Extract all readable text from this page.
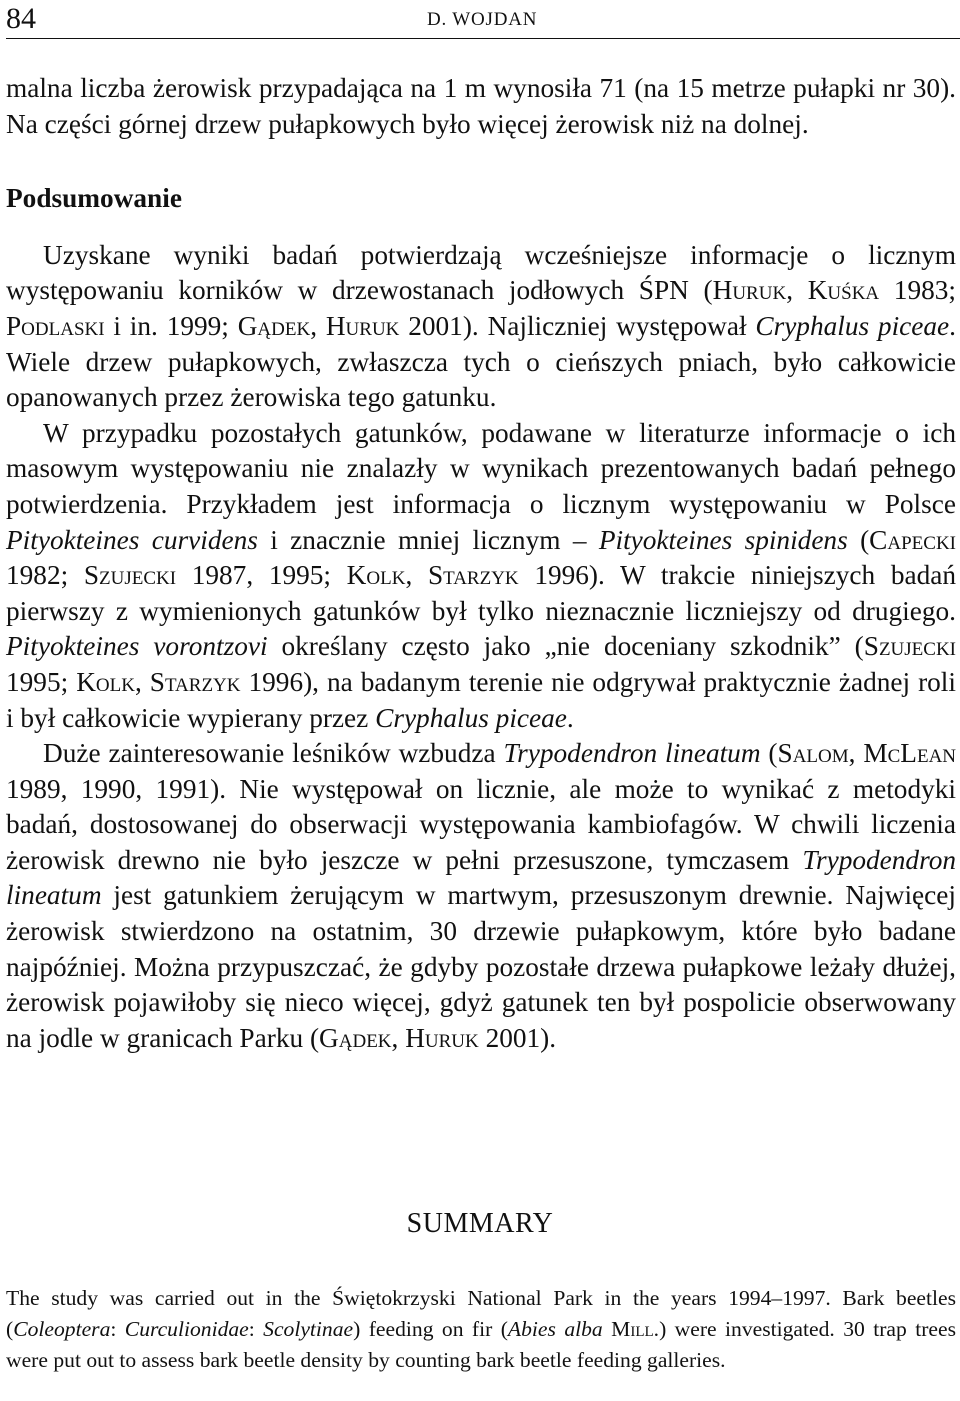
84	D. WOJDAN

malna liczba żerowisk przypadająca na 1 m wynosiła 71 (na 15 metrze pułapki nr 30). Na części górnej drzew pułapkowych było więcej żerowisk niż na dolnej.

Podsumowanie

Uzyskane wyniki badań potwierdzają wcześniejsze informacje o licznym występowaniu korników w drzewostanach jodłowych ŚPN (Huruk, Kuśka 1983; Podlaski i in. 1999; Gądek, Huruk 2001). Najliczniej występował Cryphalus piceae. Wiele drzew pułapkowych, zwłaszcza tych o cieńszych pniach, było całkowicie opanowanych przez żerowiska tego gatunku.

W przypadku pozostałych gatunków, podawane w literaturze informacje o ich masowym występowaniu nie znalazły w wynikach prezentowanych badań pełnego potwierdzenia. Przykładem jest informacja o licznym występowaniu w Polsce Pityokteines curvidens i znacznie mniej licznym – Pityokteines spinidens (Capecki 1982; Szujecki 1987, 1995; Kolk, Starzyk 1996). W trakcie niniejszych badań pierwszy z wymienionych gatunków był tylko nieznacznie liczniejszy od drugiego. Pityokteines vorontzovi określany często jako „nie doceniany szkodnik” (Szujecki 1995; Kolk, Starzyk 1996), na badanym terenie nie odgrywał praktycznie żadnej roli i był całkowicie wypierany przez Cryphalus piceae.

Duże zainteresowanie leśników wzbudza Trypodendron lineatum (Salom, McLean 1989, 1990, 1991). Nie występował on licznie, ale może to wynikać z metodyki badań, dostosowanej do obserwacji występowania kambiofagów. W chwili liczenia żerowisk drewno nie było jeszcze w pełni przesuszone, tymczasem Trypodendron lineatum jest gatunkiem żerującym w martwym, przesuszonym drewnie. Najwięcej żerowisk stwierdzono na ostatnim, 30 drzewie pułapkowym, które było badane najpóźniej. Można przypuszczać, że gdyby pozostałe drzewa pułapkowe leżały dłużej, żerowisk pojawiłoby się nieco więcej, gdyż gatunek ten był pospolicie obserwowany na jodle w granicach Parku (Gądek, Huruk 2001).

SUMMARY

The study was carried out in the Świętokrzyski National Park in the years 1994–1997. Bark beetles (Coleoptera: Curculionidae: Scolytinae) feeding on fir (Abies alba Mill.) were investigated. 30 trap trees were put out to assess bark beetle density by counting bark beetle feeding galleries.
